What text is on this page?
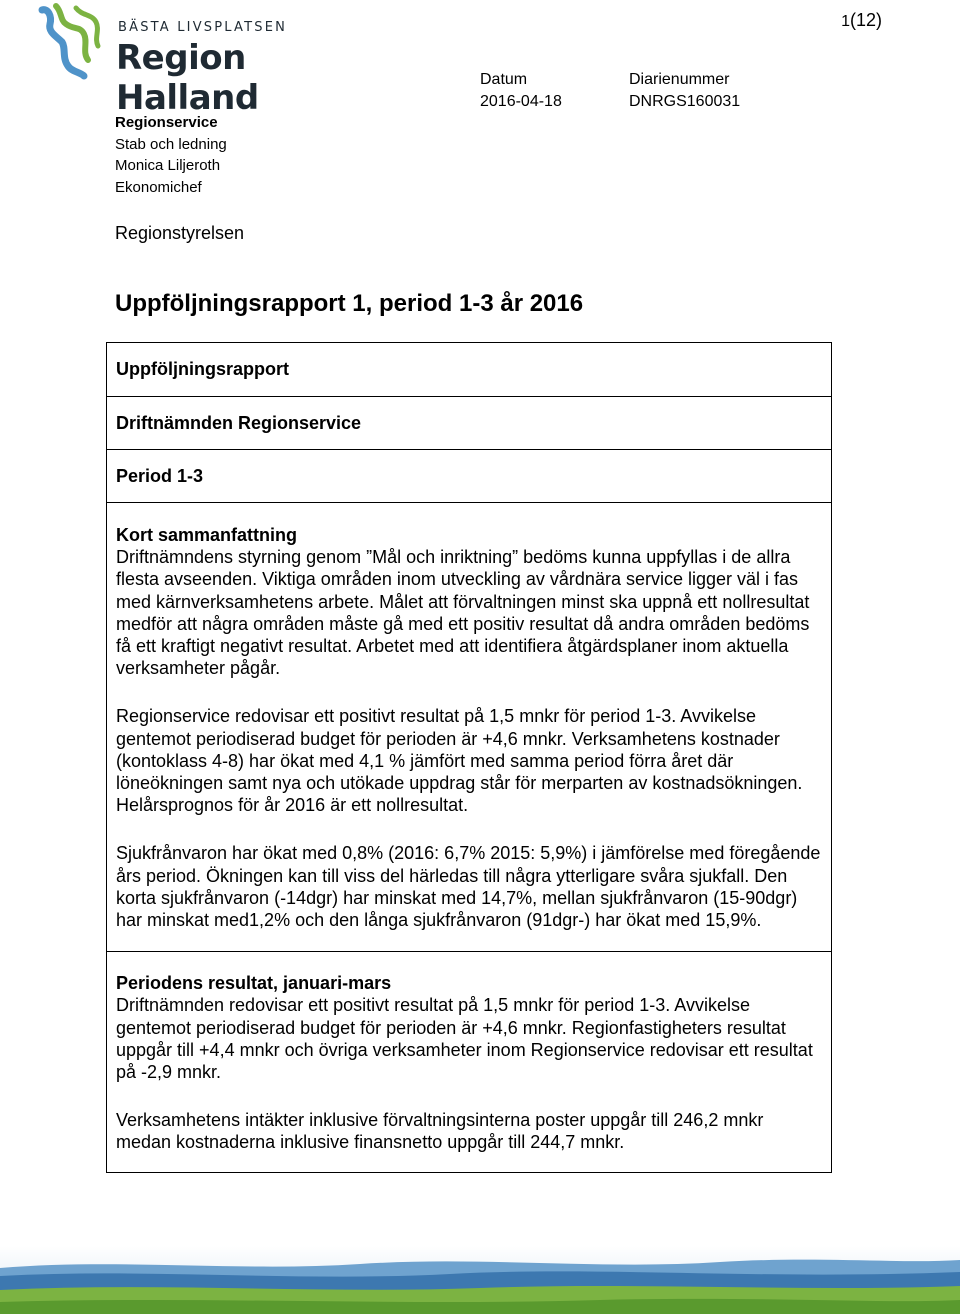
BÄSTA LIVSPLATSEN
Region Halland
1(12)
Datum
2016-04-18
Diarienummer
DNRGS160031
Regionservice
Stab och ledning
Monica Liljeroth
Ekonomichef
Regionstyrelsen
Uppföljningsrapport 1, period 1-3 år 2016
Uppföljningsrapport
Driftnämnden Regionservice
Period 1-3

Kort sammanfattning

Driftnämndens styrning genom ”Mål och inriktning” bedöms kunna uppfyllas i de allra flesta avseenden. Viktiga områden inom utveckling av vårdnära service ligger väl i fas med kärnverksamhetens arbete. Målet att förvaltningen minst ska uppnå ett nollresultat medför att några områden måste gå med ett positiv resultat då andra områden bedöms få ett kraftigt negativt resultat. Arbetet med att identifiera åtgärdsplaner inom aktuella verksamheter pågår.

Regionservice redovisar ett positivt resultat på 1,5 mnkr för period 1-3. Avvikelse gentemot periodiserad budget för perioden är +4,6 mnkr. Verksamhetens kostnader (kontoklass 4-8) har ökat med 4,1 % jämfört med samma period förra året där löneökningen samt nya och utökade uppdrag står för merparten av kostnadsökningen. Helårsprognos för år 2016 är ett nollresultat.

Sjukfrånvaron har ökat med 0,8% (2016: 6,7% 2015: 5,9%) i jämförelse med föregående års period. Ökningen kan till viss del härledas till några ytterligare svåra sjukfall. Den korta sjukfrånvaron (-14dgr) har minskat med 14,7%, mellan sjukfrånvaron (15-90dgr) har minskat med1,2% och den långa sjukfrånvaron (91dgr-) har ökat med 15,9%.

Periodens resultat, januari-mars

Driftnämnden redovisar ett positivt resultat på 1,5 mnkr för period 1-3. Avvikelse gentemot periodiserad budget för perioden är +4,6 mnkr. Regionfastigheters resultat uppgår till +4,4 mnkr och övriga verksamheter inom Regionservice redovisar ett resultat på -2,9 mnkr.

Verksamhetens intäkter inklusive förvaltningsinterna poster uppgår till 246,2 mnkr medan kostnaderna inklusive finansnetto uppgår till 244,7 mnkr.
